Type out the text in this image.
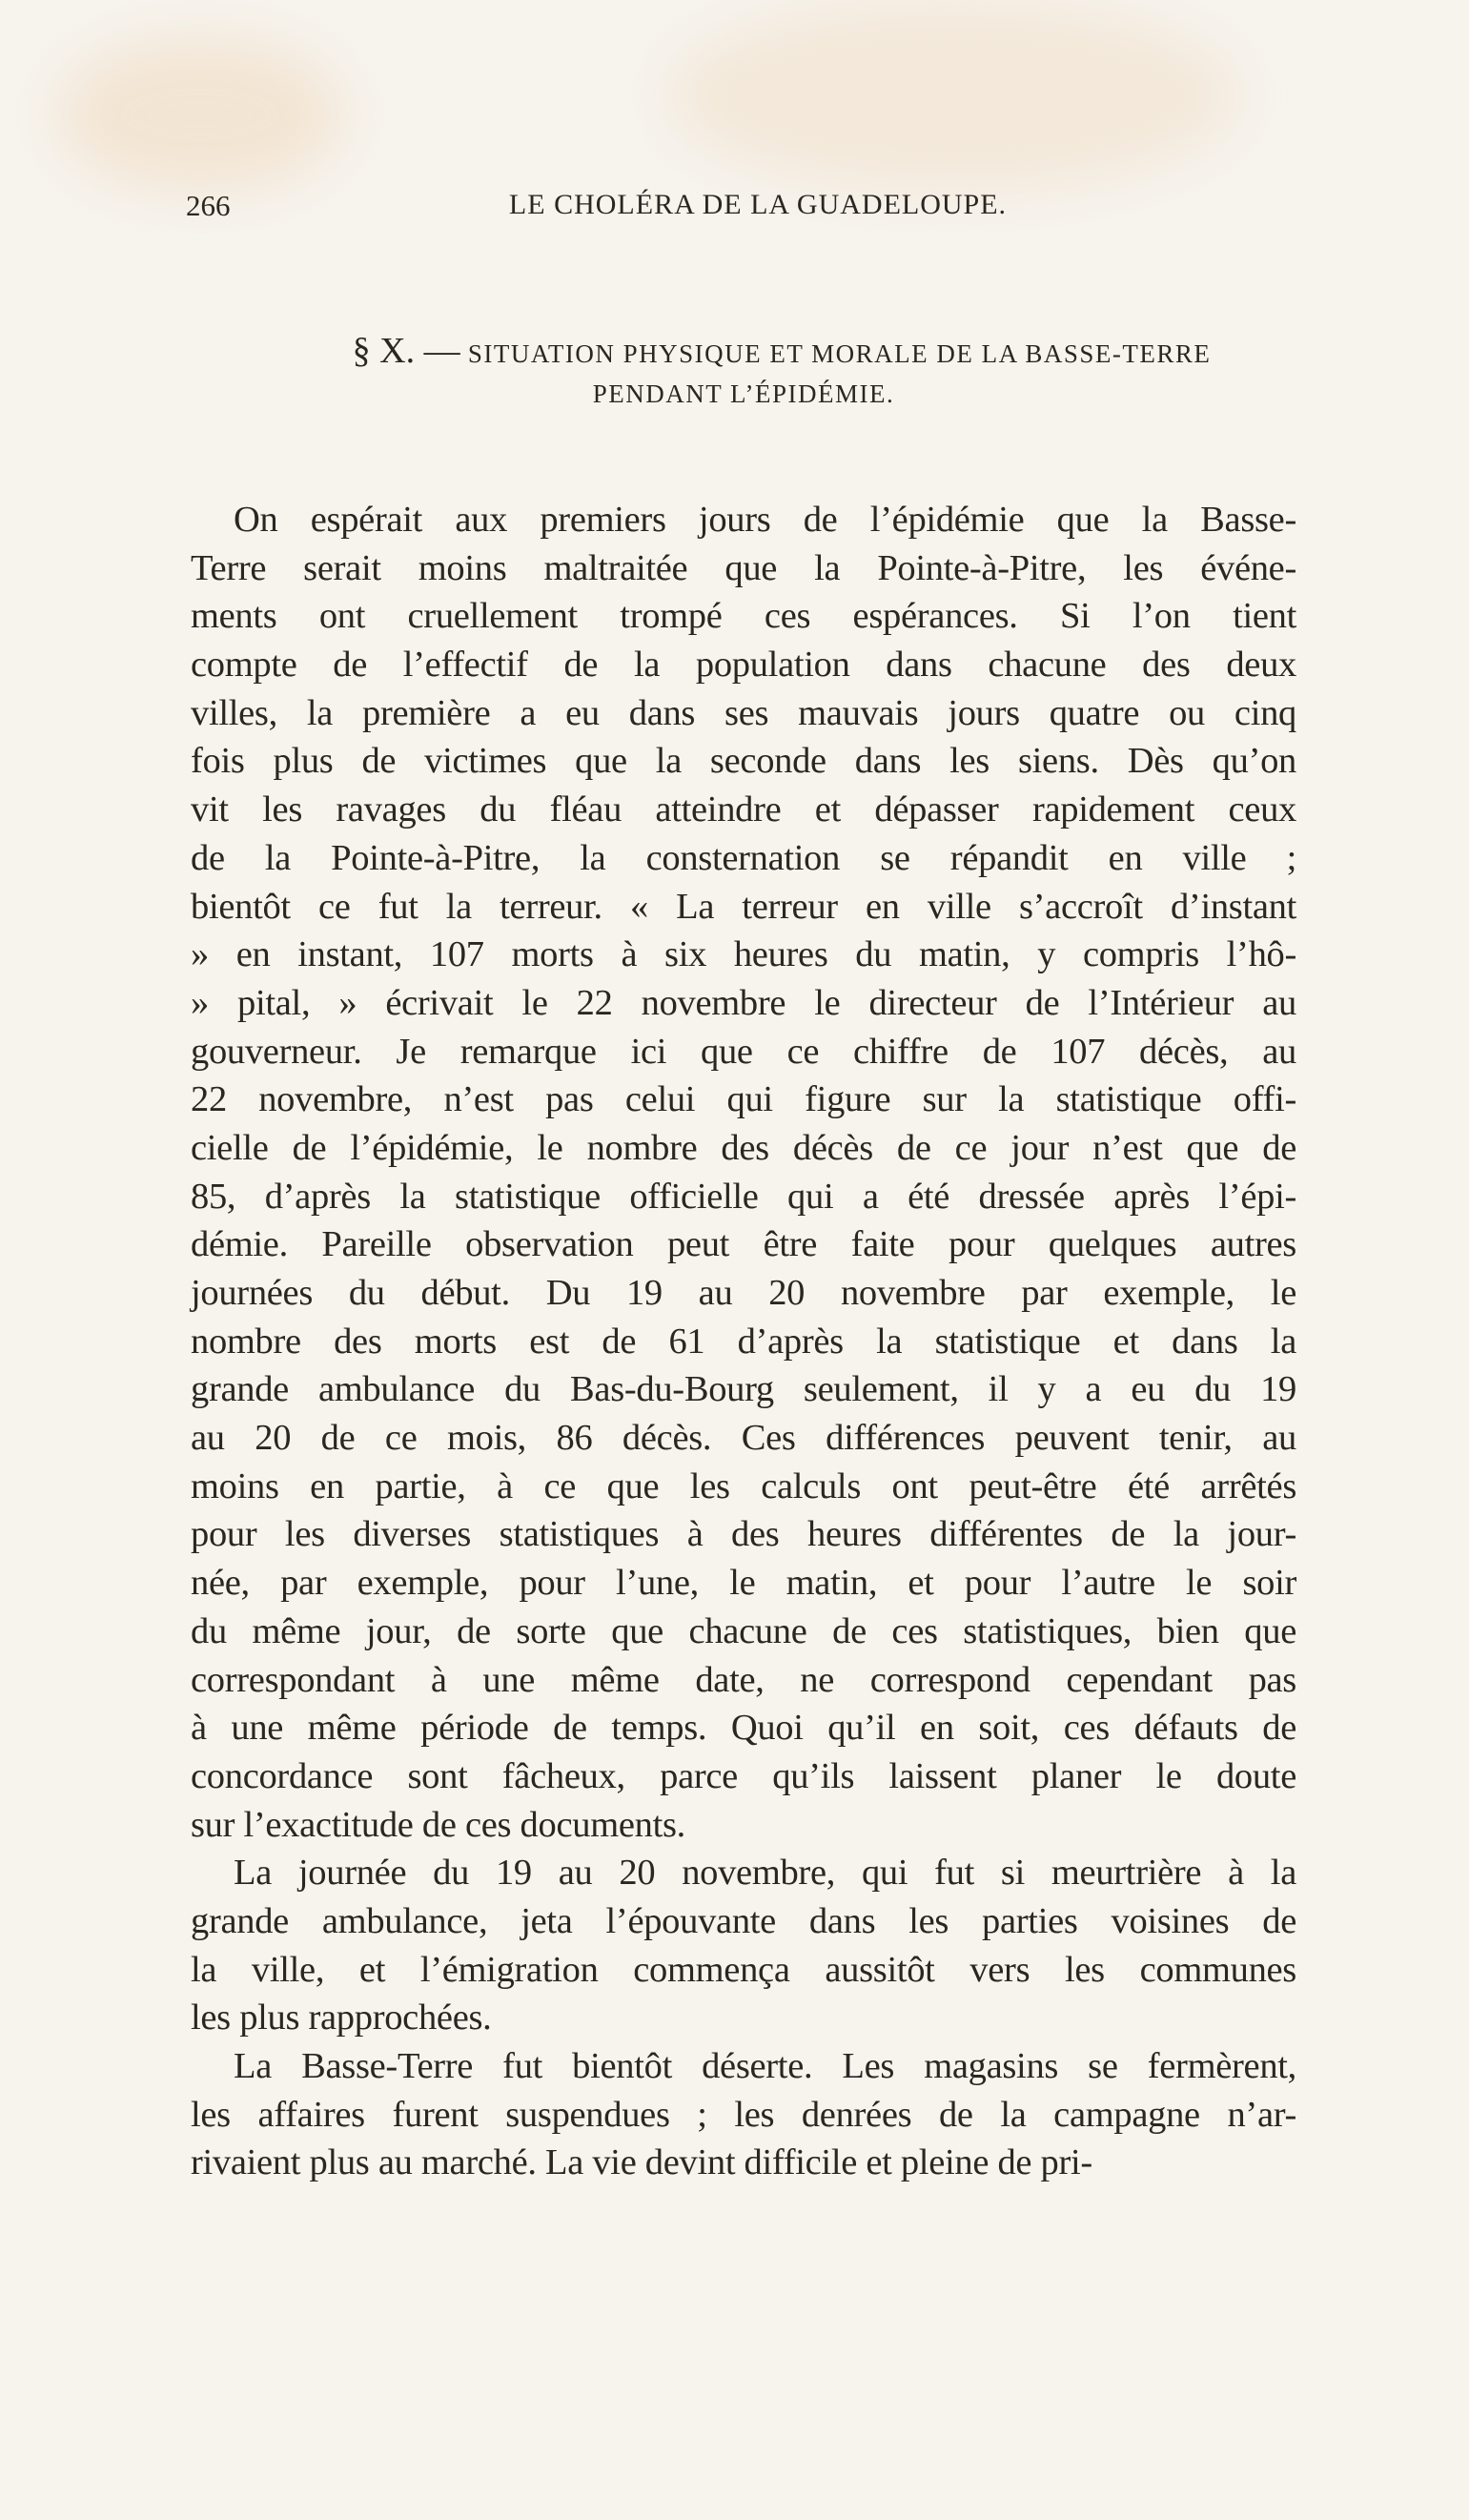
266	LE CHOLÉRA DE LA GUADELOUPE.
§ X. — SITUATION PHYSIQUE ET MORALE DE LA BASSE-TERRE
PENDANT L’ÉPIDÉMIE.
On espérait aux premiers jours de l’épidémie que la Basse-
Terre serait moins maltraitée que la Pointe-à-Pitre, les événe-
ments ont cruellement trompé ces espérances. Si l’on tient
compte de l’effectif de la population dans chacune des deux
villes, la première a eu dans ses mauvais jours quatre ou cinq
fois plus de victimes que la seconde dans les siens. Dès qu’on
vit les ravages du fléau atteindre et dépasser rapidement ceux
de la Pointe-à-Pitre, la consternation se répandit en ville ;
bientôt ce fut la terreur. « La terreur en ville s’accroît d’instant
» en instant, 107 morts à six heures du matin, y compris l’hô-
» pital, » écrivait le 22 novembre le directeur de l’Intérieur au
gouverneur. Je remarque ici que ce chiffre de 107 décès, au
22 novembre, n’est pas celui qui figure sur la statistique offi-
cielle de l’épidémie, le nombre des décès de ce jour n’est que de
85, d’après la statistique officielle qui a été dressée après l’épi-
démie. Pareille observation peut être faite pour quelques autres
journées du début. Du 19 au 20 novembre par exemple, le
nombre des morts est de 61 d’après la statistique et dans la
grande ambulance du Bas-du-Bourg seulement, il y a eu du 19
au 20 de ce mois, 86 décès. Ces différences peuvent tenir, au
moins en partie, à ce que les calculs ont peut-être été arrêtés
pour les diverses statistiques à des heures différentes de la jour-
née, par exemple, pour l’une, le matin, et pour l’autre le soir
du même jour, de sorte que chacune de ces statistiques, bien que
correspondant à une même date, ne correspond cependant pas
à une même période de temps. Quoi qu’il en soit, ces défauts de
concordance sont fâcheux, parce qu’ils laissent planer le doute
sur l’exactitude de ces documents.
La journée du 19 au 20 novembre, qui fut si meurtrière à la
grande ambulance, jeta l’épouvante dans les parties voisines de
la ville, et l’émigration commença aussitôt vers les communes
les plus rapprochées.
La Basse-Terre fut bientôt déserte. Les magasins se fermèrent,
les affaires furent suspendues ; les denrées de la campagne n’ar-
rivaient plus au marché. La vie devint difficile et pleine de pri-
